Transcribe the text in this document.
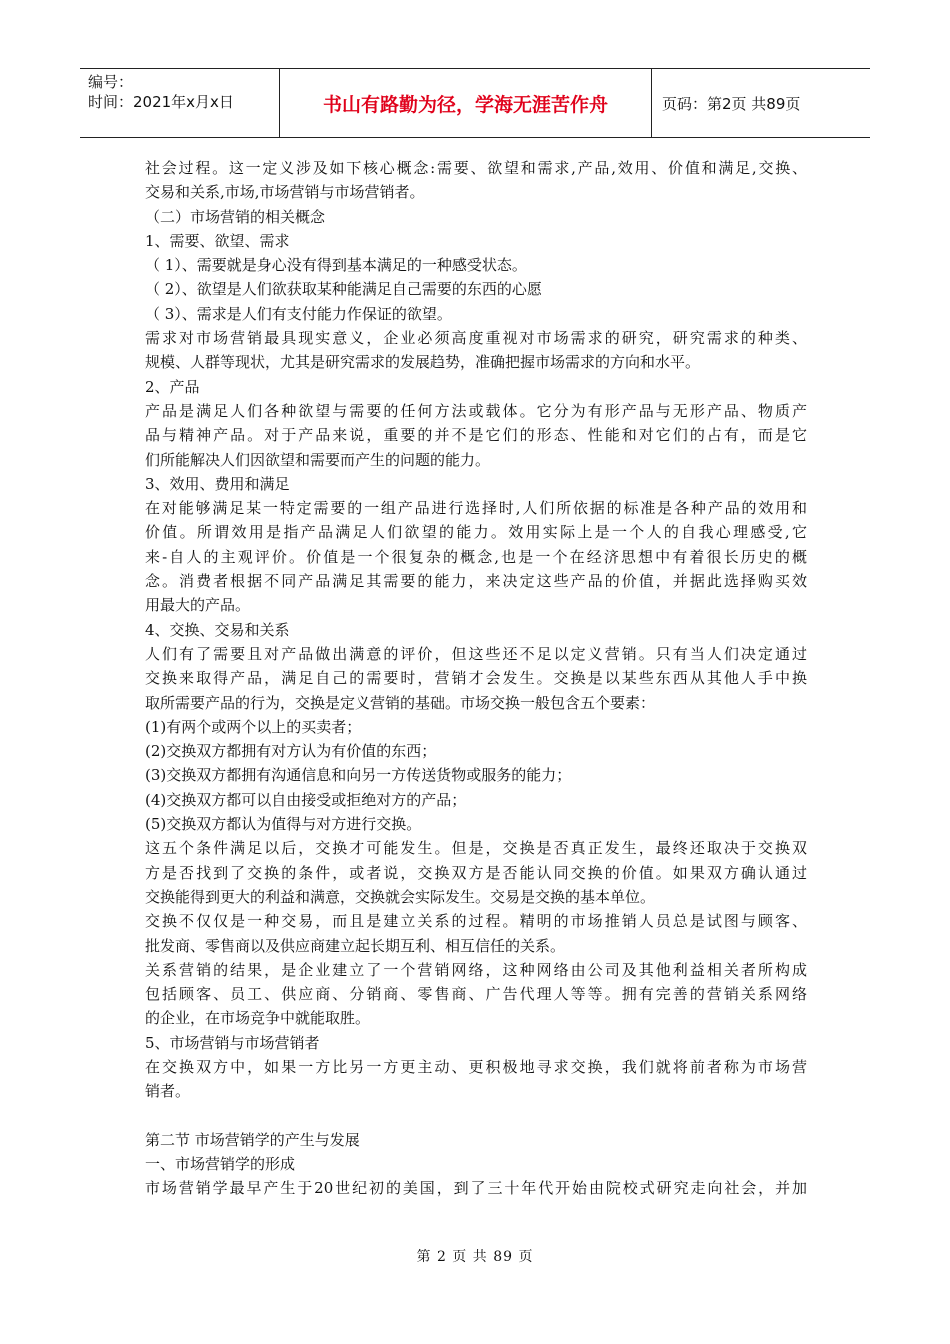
编号：
时间：2021年x月x日	书山有路勤为径，学海无涯苦作舟	页码：第2页 共89页
社会过程。这一定义涉及如下核心概念:需要、欲望和需求,产品,效用、价值和满足,交换、
交易和关系,市场,市场营销与市场营销者。
（二）市场营销的相关概念
1、需要、欲望、需求
（ 1）、需要就是身心没有得到基本满足的一种感受状态。
（ 2）、欲望是人们欲获取某种能满足自己需要的东西的心愿
（ 3）、需求是人们有支付能力作保证的欲望。
需求对市场营销最具现实意义，企业必须高度重视对市场需求的研究，研究需求的种类、
规模、人群等现状，尤其是研究需求的发展趋势，准确把握市场需求的方向和水平。
2、产品
产品是满足人们各种欲望与需要的任何方法或载体。它分为有形产品与无形产品、物质产
品与精神产品。对于产品来说，重要的并不是它们的形态、性能和对它们的占有，而是它
们所能解决人们因欲望和需要而产生的问题的能力。
3、效用、费用和满足
在对能够满足某一特定需要的一组产品进行选择时,人们所依据的标准是各种产品的效用和
价值。所谓效用是指产品满足人们欲望的能力。效用实际上是一个人的自我心理感受,它
来-自人的主观评价。价值是一个很复杂的概念,也是一个在经济思想中有着很长历史的概
念。消费者根据不同产品满足其需要的能力，来决定这些产品的价值，并据此选择购买效
用最大的产品。
4、交换、交易和关系
人们有了需要且对产品做出满意的评价，但这些还不足以定义营销。只有当人们决定通过
交换来取得产品，满足自己的需要时，营销才会发生。交换是以某些东西从其他人手中换
取所需要产品的行为，交换是定义营销的基础。市场交换一般包含五个要素：
(1)有两个或两个以上的买卖者；
(2)交换双方都拥有对方认为有价值的东西；
(3)交换双方都拥有沟通信息和向另一方传送货物或服务的能力；
(4)交换双方都可以自由接受或拒绝对方的产品；
(5)交换双方都认为值得与对方进行交换。
这五个条件满足以后，交换才可能发生。但是，交换是否真正发生，最终还取决于交换双
方是否找到了交换的条件，或者说，交换双方是否能认同交换的价值。如果双方确认通过
交换能得到更大的利益和满意，交换就会实际发生。交易是交换的基本单位。
交换不仅仅是一种交易，而且是建立关系的过程。精明的市场推销人员总是试图与顾客、
批发商、零售商以及供应商建立起长期互利、相互信任的关系。
关系营销的结果，是企业建立了一个营销网络，这种网络由公司及其他利益相关者所构成
包括顾客、员工、供应商、分销商、零售商、广告代理人等等。拥有完善的营销关系网络
的企业，在市场竞争中就能取胜。
5、市场营销与市场营销者
在交换双方中，如果一方比另一方更主动、更积极地寻求交换，我们就将前者称为市场营
销者。
第二节 市场营销学的产生与发展
一、市场营销学的形成
市场营销学最早产生于20世纪初的美国，到了三十年代开始由院校式研究走向社会，并加
第 2 页 共 89 页
